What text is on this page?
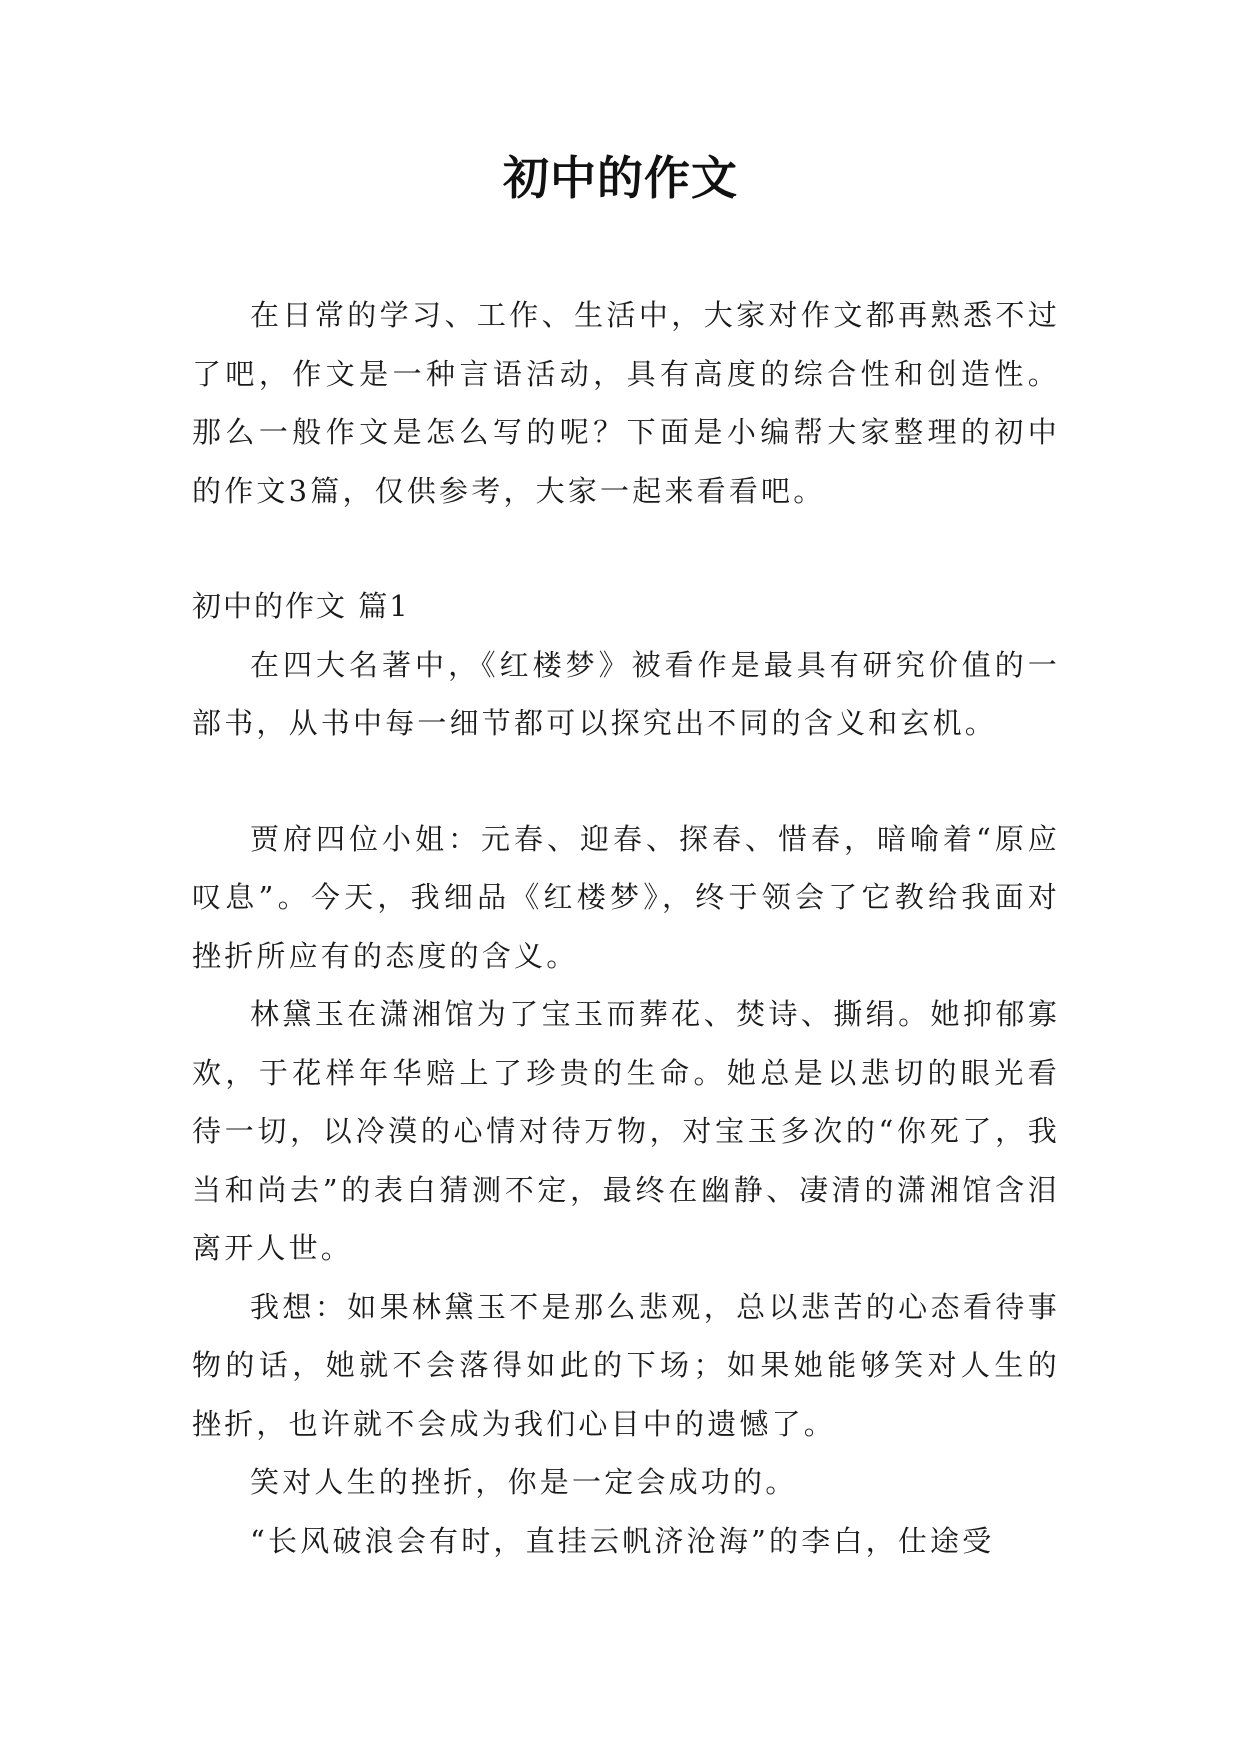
初中的作文

在日常的学习、工作、生活中，大家对作文都再熟悉不过了吧，作文是一种言语活动，具有高度的综合性和创造性。那么一般作文是怎么写的呢？下面是小编帮大家整理的初中的作文3篇，仅供参考，大家一起来看看吧。

初中的作文 篇1

在四大名著中，《红楼梦》被看作是最具有研究价值的一部书，从书中每一细节都可以探究出不同的含义和玄机。

贾府四位小姐：元春、迎春、探春、惜春，暗喻着“原应叹息”。今天，我细品《红楼梦》，终于领会了它教给我面对挫折所应有的态度的含义。

林黛玉在潇湘馆为了宝玉而葬花、焚诗、撕绢。她抑郁寡欢，于花样年华赔上了珍贵的生命。她总是以悲切的眼光看待一切，以冷漠的心情对待万物，对宝玉多次的“你死了，我当和尚去”的表白猜测不定，最终在幽静、凄清的潇湘馆含泪离开人世。

我想：如果林黛玉不是那么悲观，总以悲苦的心态看待事物的话，她就不会落得如此的下场；如果她能够笑对人生的挫折，也许就不会成为我们心目中的遗憾了。

笑对人生的挫折，你是一定会成功的。

“长风破浪会有时，直挂云帆济沧海”的李白，仕途受
